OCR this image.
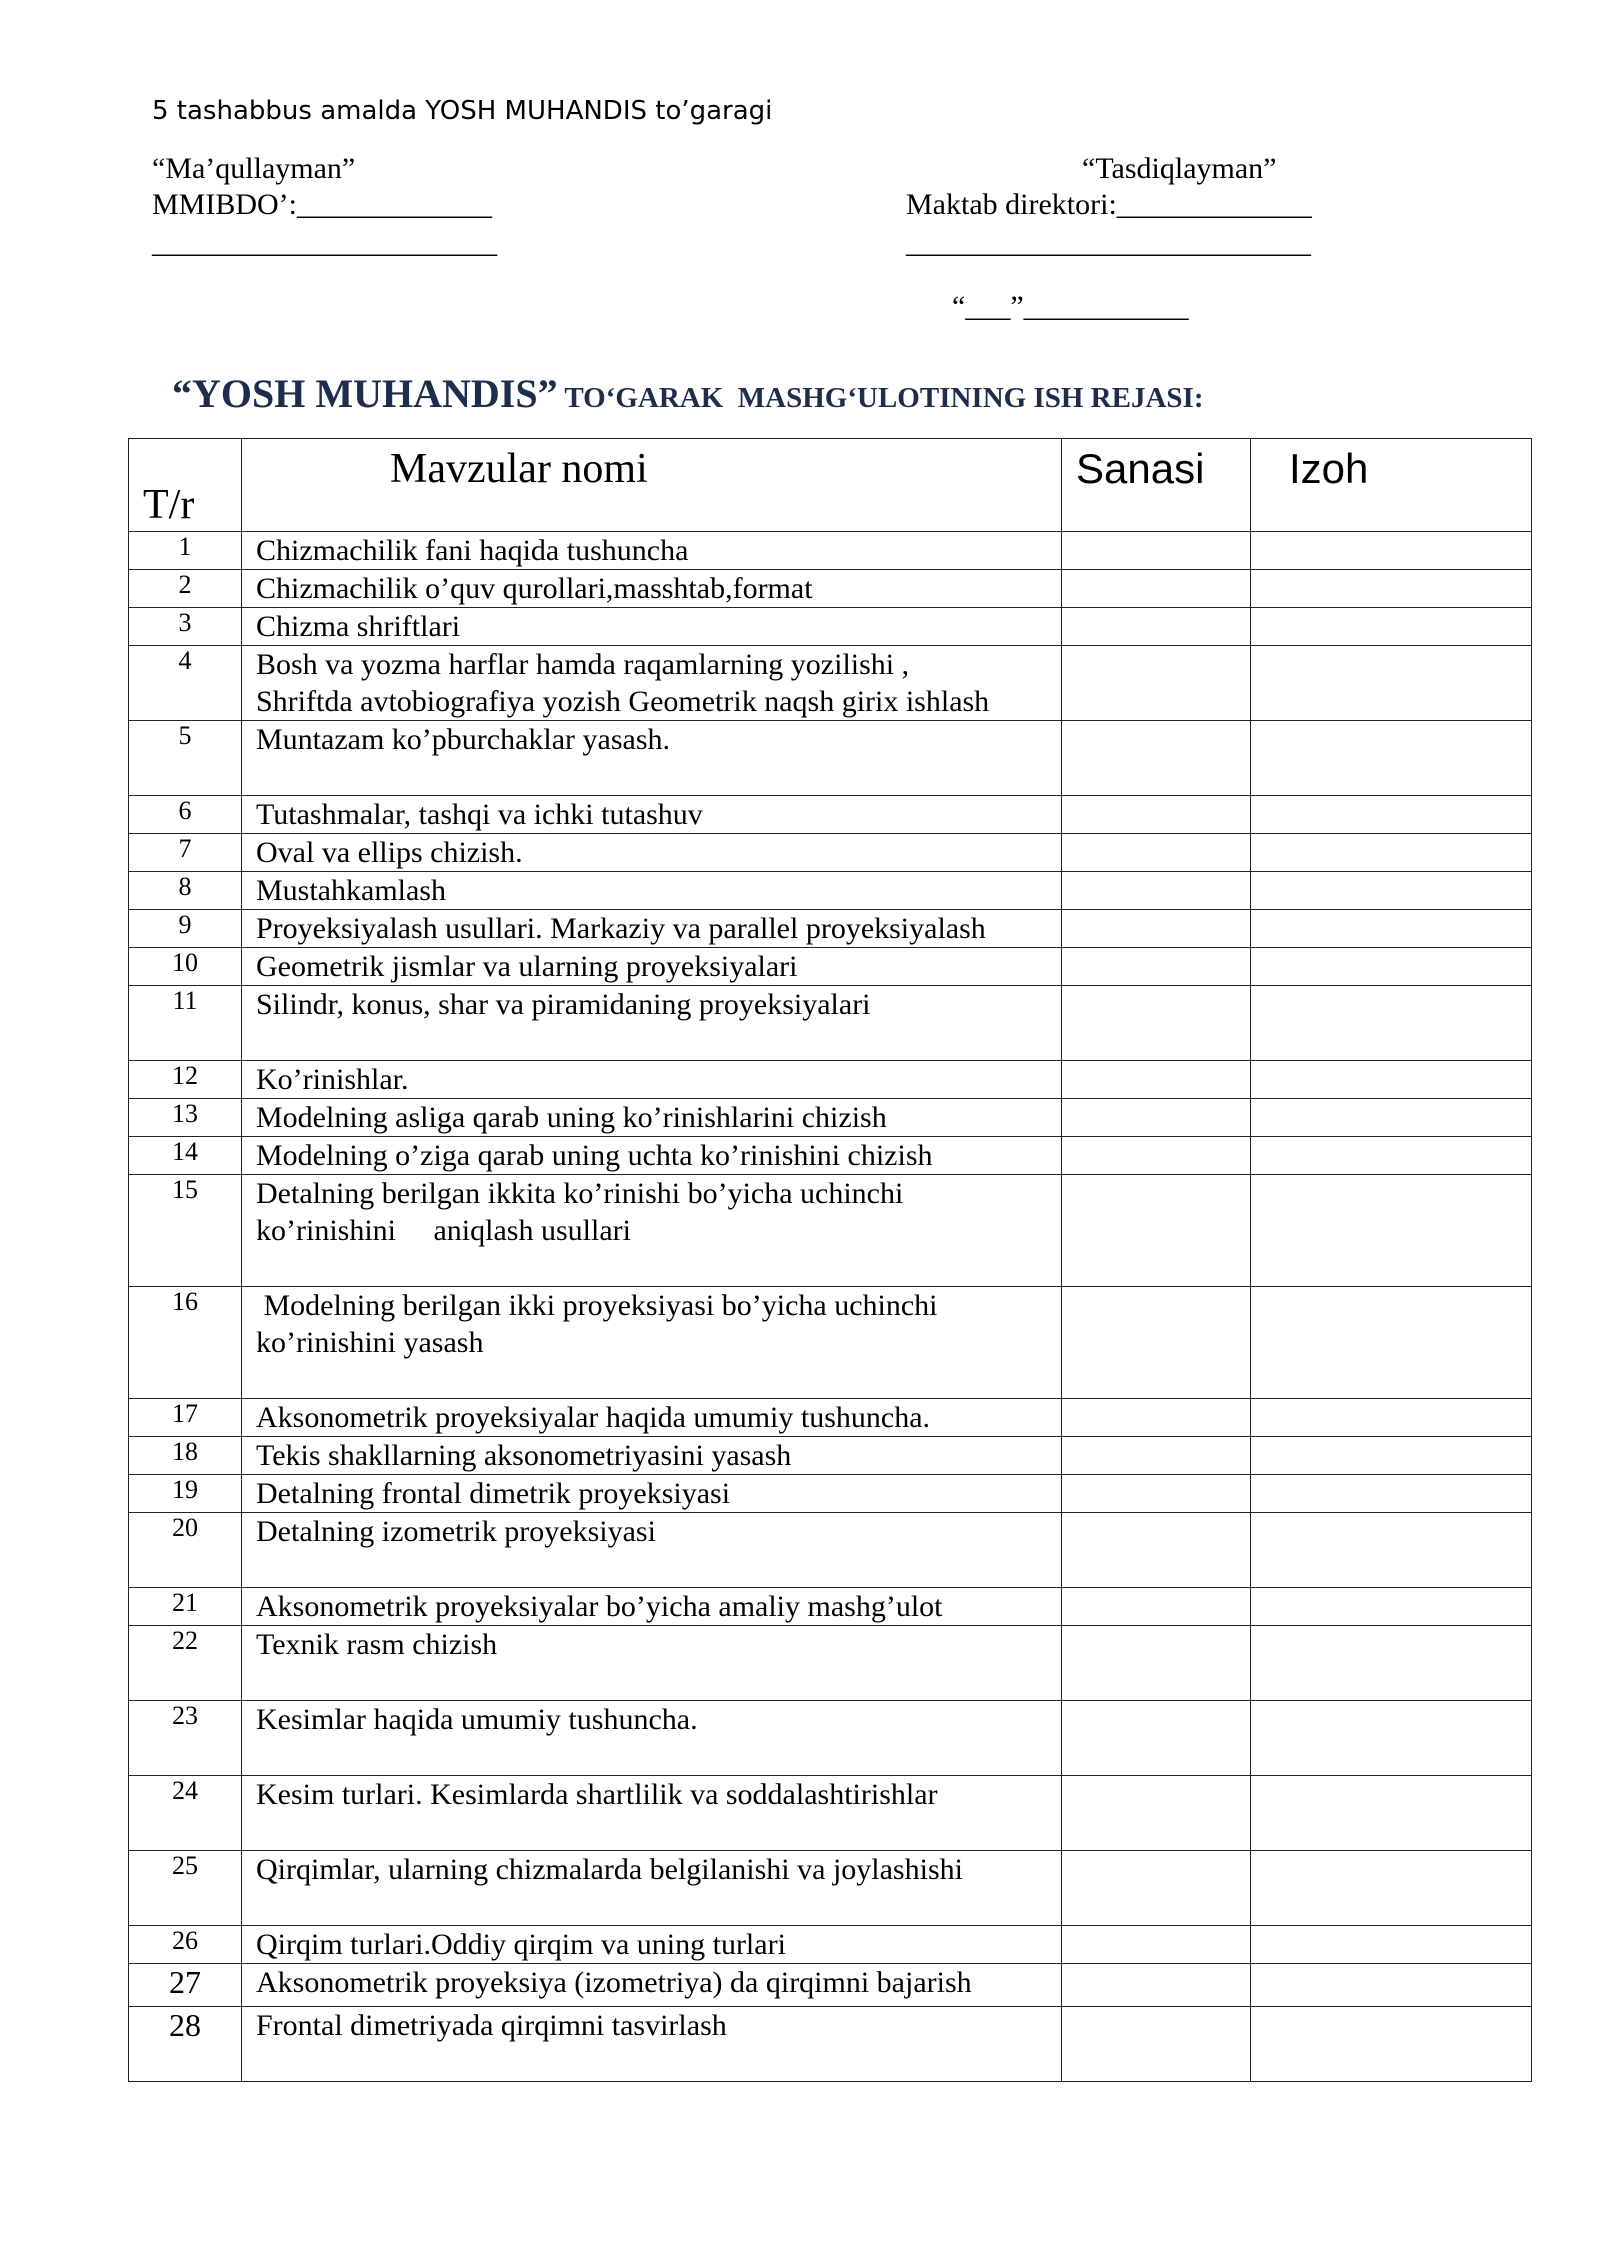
5 tashabbus amalda YOSH MUHANDIS to’garagi
“Ma’qullayman”
MMIBDO’:_____________
_______________________
“Tasdiqlayman”
Maktab direktori:_____________
___________________________
“___”___________

“YOSH MUHANDIS” TO‘GARAK  MASHG‘ULOTINING ISH REJASI:

T/r	Mavzular nomi	Sanasi	Izoh

1	Chizmachilik fani haqida tushuncha		

2	Chizmachilik o’quv qurollari,masshtab,format		

3	Chizma shriftlari		

4	Bosh va yozma harflar hamda raqamlarning yozilishi ,
Shriftda avtobiografiya yozish Geometrik naqsh girix ishlash		

5	Muntazam ko’pburchaklar yasash.		

6	Tutashmalar, tashqi va ichki tutashuv		

7	Oval va ellips chizish.		

8	Mustahkamlash		

9	Proyeksiyalash usullari. Markaziy va parallel proyeksiyalash		

10	Geometrik jismlar va ularning proyeksiyalari		

11	Silindr, konus, shar va piramidaning proyeksiyalari		

12	Ko’rinishlar.		

13	Modelning asliga qarab uning ko’rinishlarini chizish		

14	Modelning o’ziga qarab uning uchta ko’rinishini chizish		

15	Detalning berilgan ikkita ko’rinishi bo’yicha uchinchi
ko’rinishini     aniqlash usullari		

16	Modelning berilgan ikki proyeksiyasi bo’yicha uchinchi
ko’rinishini yasash		

17	Aksonometrik proyeksiyalar haqida umumiy tushuncha.		

18	Tekis shakllarning aksonometriyasini yasash		

19	Detalning frontal dimetrik proyeksiyasi		

20	Detalning izometrik proyeksiyasi		

21	Aksonometrik proyeksiyalar bo’yicha amaliy mashg’ulot		

22	Texnik rasm chizish		

23	Kesimlar haqida umumiy tushuncha.		

24	Kesim turlari. Kesimlarda shartlilik va soddalashtirishlar		

25	Qirqimlar, ularning chizmalarda belgilanishi va joylashishi		

26	Qirqim turlari.Oddiy qirqim va uning turlari		

27	Aksonometrik proyeksiya (izometriya) da qirqimni bajarish		

28	Frontal dimetriyada qirqimni tasvirlash		
